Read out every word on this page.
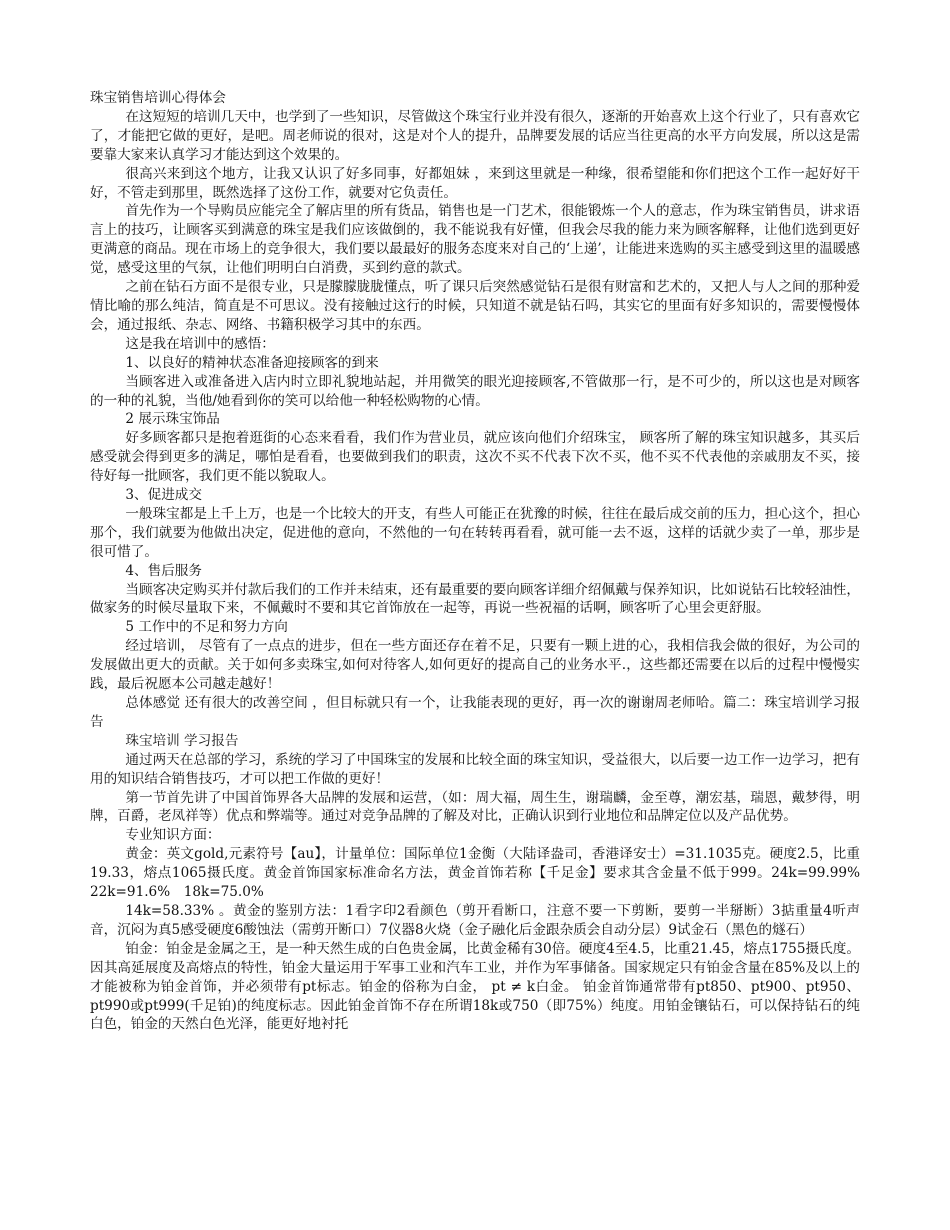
珠宝销售培训心得体会

在这短短的培训几天中，也学到了一些知识，尽管做这个珠宝行业并没有很久，逐渐的开始喜欢上这个行业了，只有喜欢它了，才能把它做的更好，是吧。周老师说的很对，这是对个人的提升，品牌要发展的话应当往更高的水平方向发展，所以这是需要靠大家来认真学习才能达到这个效果的。

很高兴来到这个地方，让我又认识了好多同事，好都姐妹 ，来到这里就是一种缘，很希望能和你们把这个工作一起好好干好，不管走到那里，既然选择了这份工作，就要对它负责任。

首先作为一个导购员应能完全了解店里的所有货品，销售也是一门艺术，很能锻炼一个人的意志，作为珠宝销售员，讲求语言上的技巧，让顾客买到满意的珠宝是我们应该做倒的，我不能说我有好懂，但我会尽我的能力来为顾客解释，让他们选到更好更满意的商品。现在市场上的竞争很大，我们要以最最好的服务态度来对自己的‘上递’，让能进来选购的买主感受到这里的温暖感觉，感受这里的气氛，让他们明明白白消费，买到约意的款式。

之前在钻石方面不是很专业，只是朦朦胧胧懂点，听了课只后突然感觉钻石是很有财富和艺术的，又把人与人之间的那种爱情比喻的那么纯洁，简直是不可思议。没有接触过这行的时候，只知道不就是钻石吗，其实它的里面有好多知识的，需要慢慢体会，通过报纸、杂志、网络、书籍积极学习其中的东西。

这是我在培训中的感悟：

1、以良好的精神状态准备迎接顾客的到来

当顾客进入或准备进入店内时立即礼貌地站起，并用微笑的眼光迎接顾客,不管做那一行，是不可少的，所以这也是对顾客的一种的礼貌，当他/她看到你的笑可以给他一种轻松购物的心情。

2 展示珠宝饰品

好多顾客都只是抱着逛街的心态来看看，我们作为营业员，就应该向他们介绍珠宝， 顾客所了解的珠宝知识越多，其买后感受就会得到更多的满足，哪怕是看看，也要做到我们的职责，这次不买不代表下次不买，他不买不代表他的亲戚朋友不买，接待好每一批顾客，我们更不能以貌取人。

3、促进成交

一般珠宝都是上千上万，也是一个比较大的开支，有些人可能正在犹豫的时候，往往在最后成交前的压力，担心这个，担心那个，我们就要为他做出决定，促进他的意向，不然他的一句在转转再看看，就可能一去不返，这样的话就少卖了一单，那步是很可惜了。

4、售后服务

当顾客决定购买并付款后我们的工作并未结束，还有最重要的要向顾客详细介绍佩戴与保养知识，比如说钻石比较轻油性，做家务的时候尽量取下来，不佩戴时不要和其它首饰放在一起等，再说一些祝福的话啊，顾客听了心里会更舒服。

5 工作中的不足和努力方向

经过培训， 尽管有了一点点的进步，但在一些方面还存在着不足，只要有一颗上进的心，我相信我会做的很好，为公司的发展做出更大的贡献。关于如何多卖珠宝,如何对待客人,如何更好的提高自己的业务水平.，这些都还需要在以后的过程中慢慢实践，最后祝愿本公司越走越好！

总体感觉 还有很大的改善空间 ，但目标就只有一个，让我能表现的更好，再一次的谢谢周老师哈。篇二：珠宝培训学习报告

珠宝培训 学习报告

通过两天在总部的学习，系统的学习了中国珠宝的发展和比较全面的珠宝知识，受益很大，以后要一边工作一边学习，把有用的知识结合销售技巧，才可以把工作做的更好！

第一节首先讲了中国首饰界各大品牌的发展和运营，（如：周大福，周生生，谢瑞麟，金至尊，潮宏基，瑞恩，戴梦得，明牌，百爵，老凤祥等）优点和弊端等。通过对竞争品牌的了解及对比，正确认识到行业地位和品牌定位以及产品优势。

专业知识方面：

黄金：英文gold,元素符号【au】，计量单位：国际单位1金衡（大陆译盎司，香港译安士）=31.1035克。硬度2.5，比重19.33，熔点1065摄氏度。黄金首饰国家标准命名方法，黄金首饰若称【千足金】要求其含金量不低于999。24k=99.99%　 22k=91.6%　18k=75.0%

14k=58.33% 。黄金的鉴别方法：1看字印2看颜色（剪开看断口，注意不要一下剪断，要剪一半掰断）3掂重量4听声音，沉闷为真5感受硬度6酸蚀法（需剪开断口）7仪器8火烧（金子融化后金跟杂质会自动分层）9试金石（黑色的燧石）

铂金：铂金是金属之王，是一种天然生成的白色贵金属，比黄金稀有30倍。硬度4至4.5，比重21.45，熔点1755摄氏度。因其高延展度及高熔点的特性，铂金大量运用于军事工业和汽车工业，并作为军事储备。国家规定只有铂金含量在85%及以上的才能被称为铂金首饰，并必须带有pt标志。铂金的俗称为白金， pt ≠ k白金。 铂金首饰通常带有pt850、pt900、pt950、pt990或pt999(千足铂)的纯度标志。因此铂金首饰不存在所谓18k或750（即75%）纯度。用铂金镶钻石，可以保持钻石的纯白色，铂金的天然白色光泽，能更好地衬托
